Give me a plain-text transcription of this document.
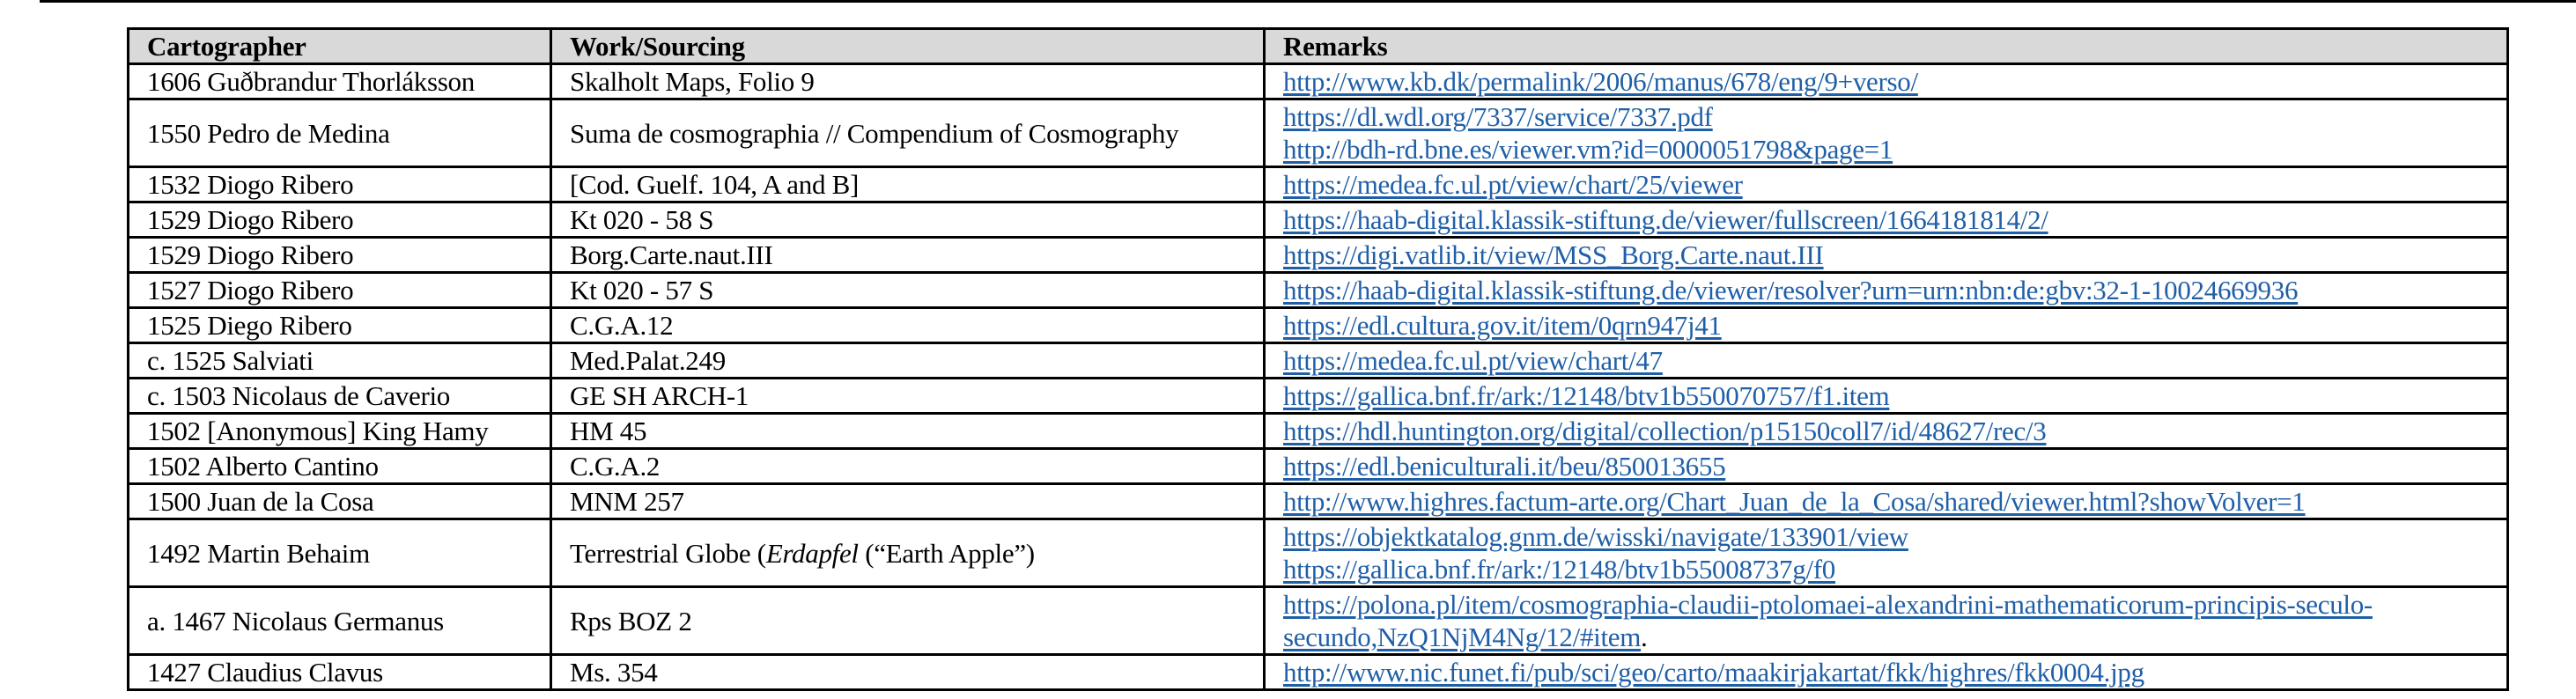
Cartographer	Work/Sourcing	Remarks
1606 Guðbrandur Thorláksson	Skalholt Maps, Folio 9	http://www.kb.dk/permalink/2006/manus/678/eng/9+verso/

1550 Pedro de Medina	Suma de cosmographia // Compendium of Cosmography	https://dl.wdl.org/7337/service/7337.pdf
http://bdh-rd.bne.es/viewer.vm?id=0000051798&page=1

1532 Diogo Ribero	[Cod. Guelf. 104, A and B]	https://medea.fc.ul.pt/view/chart/25/viewer

1529 Diogo Ribero	Kt 020 - 58 S	https://haab-digital.klassik-stiftung.de/viewer/fullscreen/1664181814/2/

1529 Diogo Ribero	Borg.Carte.naut.III	https://digi.vatlib.it/view/MSS_Borg.Carte.naut.III

1527 Diogo Ribero	Kt 020 - 57 S	https://haab-digital.klassik-stiftung.de/viewer/resolver?urn=urn:nbn:de:gbv:32-1-10024669936

1525 Diego Ribero	C.G.A.12	https://edl.cultura.gov.it/item/0qrn947j41

c. 1525 Salviati	Med.Palat.249	https://medea.fc.ul.pt/view/chart/47

c. 1503 Nicolaus de Caverio	GE SH ARCH-1	https://gallica.bnf.fr/ark:/12148/btv1b550070757/f1.item

1502 [Anonymous] King Hamy	HM 45	https://hdl.huntington.org/digital/collection/p15150coll7/id/48627/rec/3

1502 Alberto Cantino	C.G.A.2	https://edl.beniculturali.it/beu/850013655

1500 Juan de la Cosa	MNM 257	http://www.highres.factum-arte.org/Chart_Juan_de_la_Cosa/shared/viewer.html?showVolver=1

1492 Martin Behaim	Terrestrial Globe (Erdapfel (“Earth Apple”)	https://objektkatalog.gnm.de/wisski/navigate/133901/view
https://gallica.bnf.fr/ark:/12148/btv1b55008737g/f0

a. 1467 Nicolaus Germanus	Rps BOZ 2	https://polona.pl/item/cosmographia-claudii-ptolomaei-alexandrini-mathematicorum-principis-seculo-
secundo,NzQ1NjM4Ng/12/#item.
1427 Claudius Clavus	Ms. 354	http://www.nic.funet.fi/pub/sci/geo/carto/maakirjakartat/fkk/highres/fkk0004.jpg
